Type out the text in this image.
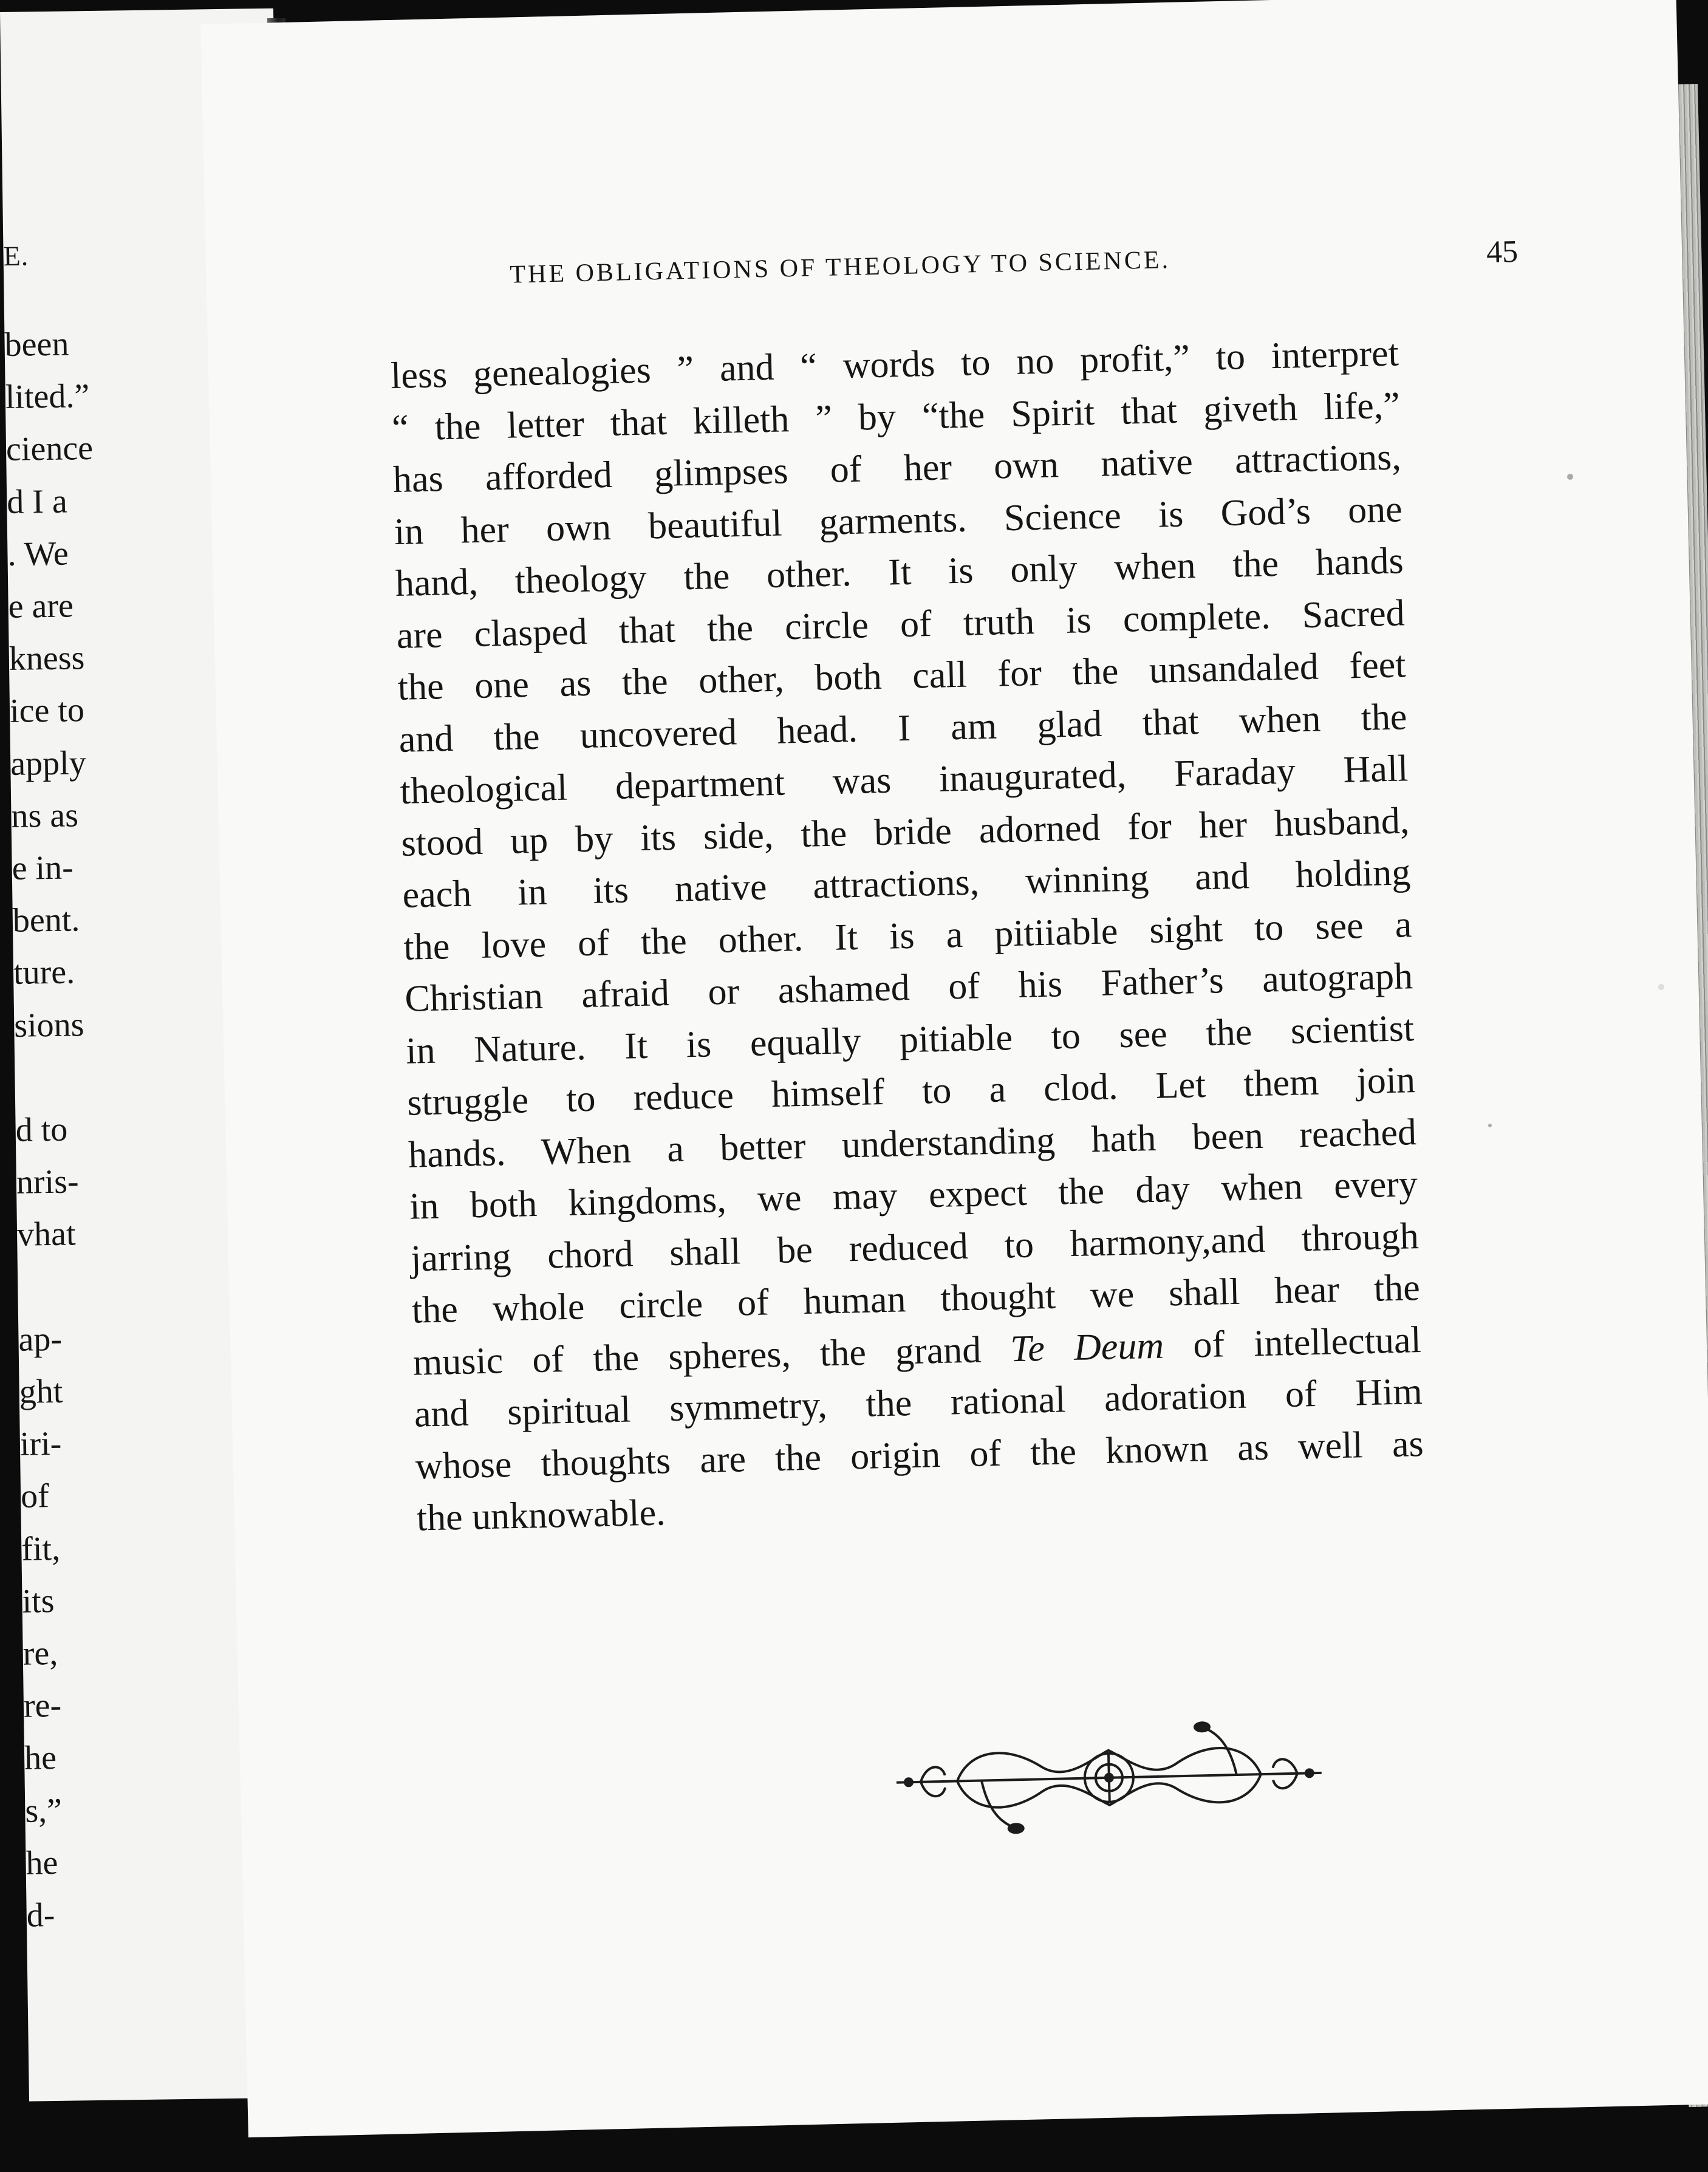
E.
been
lited.”
cience
d I a
. We
e are
kness
ice to
apply
ns as
e in-
bent.
ture.
sions
d to
nris-
vhat
ap-
ght
iri-
of
fit,
its
re,
re-
he
s,”
he
d-
THE OBLIGATIONS OF THEOLOGY TO SCIENCE.	45
music of the spheres, the grand Te Deum of intellectual
less genealogies ” and “ words to no profit,” to interpret
“ the letter that killeth ” by “the Spirit that giveth life,”
has afforded glimpses of her own native attractions,
in her own beautiful garments. Science is God’s one
hand, theology the other. It is only when the hands
are clasped that the circle of truth is complete. Sacred
the one as the other, both call for the unsandaled feet
and the uncovered head. I am glad that when the
theological department was inaugurated, Faraday Hall
stood up by its side, the bride adorned for her husband,
each in its native attractions, winning and holding
the love of the other. It is a pitiiable sight to see a
Christian afraid or ashamed of his Father’s autograph
in Nature. It is equally pitiable to see the scientist
struggle to reduce himself to a clod. Let them join
hands. When a better understanding hath been reached
in both kingdoms, we may expect the day when every
jarring chord shall be reduced to harmony,and through
the whole circle of human thought we shall hear the
and spiritual symmetry, the rational adoration of Him
whose thoughts are the origin of the known as well as
the unknowable.
